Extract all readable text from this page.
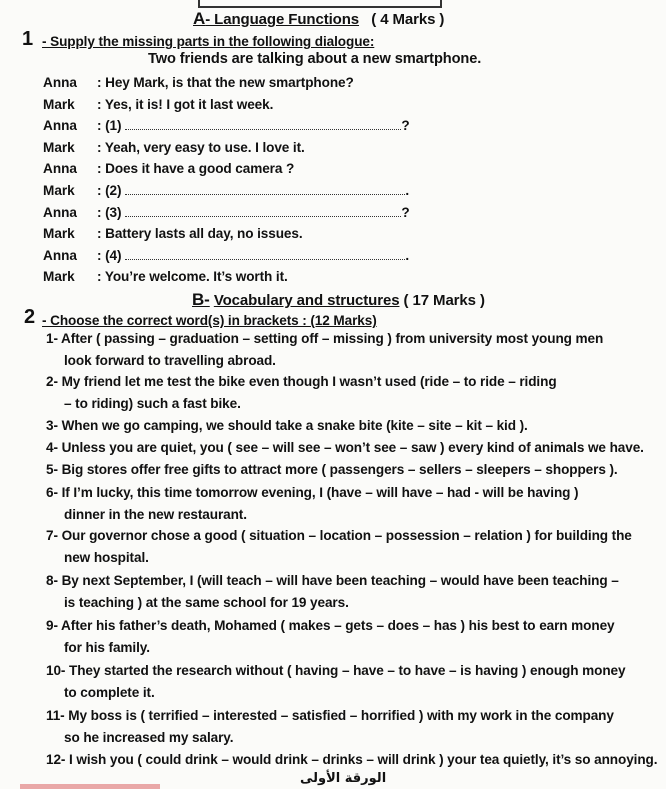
A- Language Functions ( 4 Marks )
1 - Supply the missing parts in the following dialogue:
Two friends are talking about a new smartphone.
Anna : Hey Mark, is that the new smartphone?
Mark : Yes, it is! I got it last week.
Anna : (1)	?
Mark : Yeah, very easy to use. I love it.
Anna : Does it have a good camera ?
Mark : (2)	.
Anna : (3)	?
Mark : Battery lasts all day, no issues.
Anna : (4)	.
Mark : You’re welcome. It’s worth it.
B- Vocabulary and structures ( 17 Marks )
2 - Choose the correct word(s) in brackets : (12 Marks)
1- After ( passing – graduation – setting off – missing ) from university most young men
look forward to travelling abroad.
2- My friend let me test the bike even though I wasn’t used (ride – to ride – riding
– to riding) such a fast bike.
3- When we go camping, we should take a snake bite (kite – site – kit – kid ).
4- Unless you are quiet, you ( see – will see – won’t see – saw ) every kind of animals we have.
5- Big stores offer free gifts to attract more ( passengers – sellers – sleepers – shoppers ).
6- If I’m lucky, this time tomorrow evening, I (have – will have – had - will be having )
dinner in the new restaurant.
7- Our governor chose a good ( situation – location – possession – relation ) for building the
new hospital.
8- By next September, I (will teach – will have been teaching – would have been teaching –
is teaching ) at the same school for 19 years.
9- After his father’s death, Mohamed ( makes – gets – does – has ) his best to earn money
for his family.
10- They started the research without ( having – have – to have – is having ) enough money
to complete it.
11- My boss is ( terrified – interested – satisfied – horrified ) with my work in the company
so he increased my salary.
12- I wish you ( could drink – would drink – drinks – will drink ) your tea quietly, it’s so annoying.
الورقة الأولى
